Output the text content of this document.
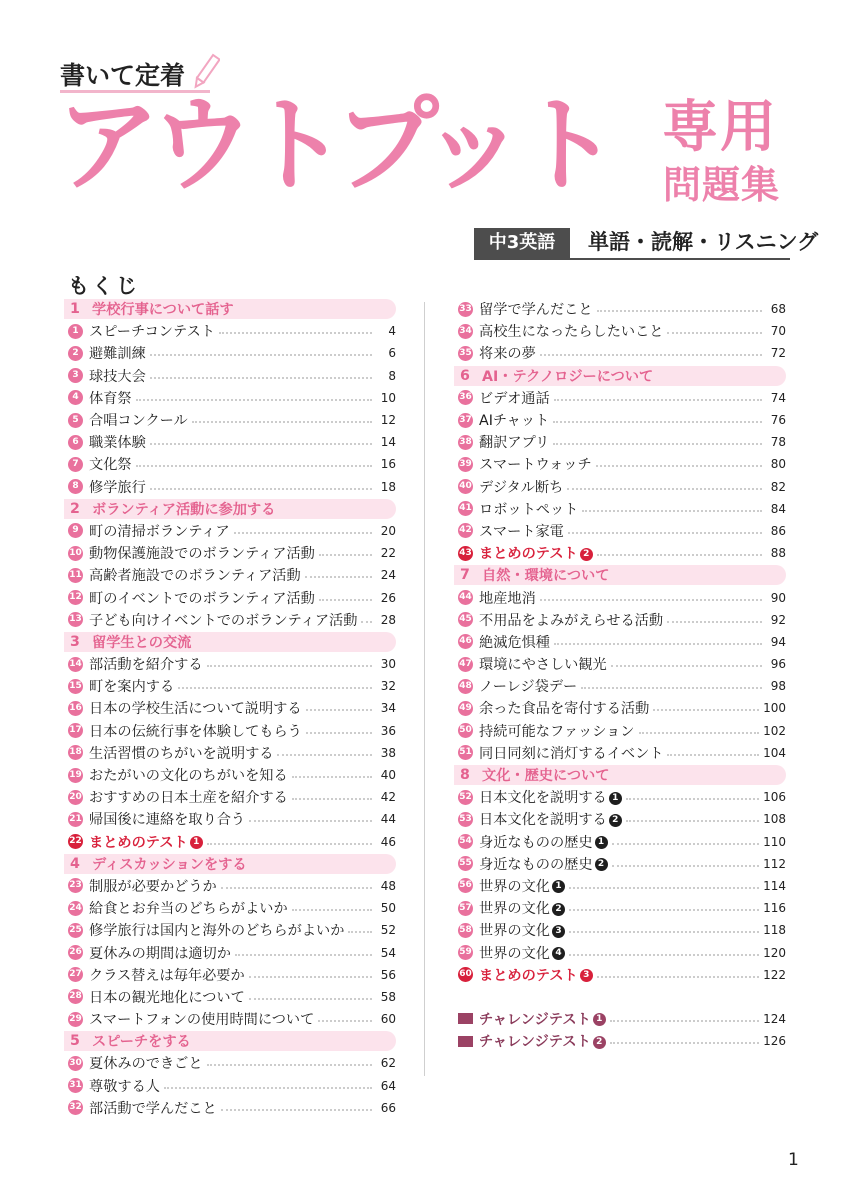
書いて定着
アウトプット 専用
問題集
中3英語	単語・読解・リスニング
もくじ
1 学校行事について話す
1 スピーチコンテスト	4
2 避難訓練	6
3 球技大会	8
4 体育祭	10
5 合唱コンクール	12
6 職業体験	14
7 文化祭	16
8 修学旅行	18
2 ボランティア活動に参加する
9 町の清掃ボランティア	20
10 動物保護施設でのボランティア活動	22
11 高齢者施設でのボランティア活動	24
12 町のイベントでのボランティア活動	26
13 子ども向けイベントでのボランティア活動	28
3 留学生との交流
14 部活動を紹介する	30
15 町を案内する	32
16 日本の学校生活について説明する	34
17 日本の伝統行事を体験してもらう	36
18 生活習慣のちがいを説明する	38
19 おたがいの文化のちがいを知る	40
20 おすすめの日本土産を紹介する	42
21 帰国後に連絡を取り合う	44
22 まとめのテスト 1	46
4 ディスカッションをする
23 制服が必要かどうか	48
24 給食とお弁当のどちらがよいか	50
25 修学旅行は国内と海外のどちらがよいか	52
26 夏休みの期間は適切か	54
27 クラス替えは毎年必要か	56
28 日本の観光地化について	58
29 スマートフォンの使用時間について	60
5 スピーチをする
30 夏休みのできごと	62
31 尊敬する人	64
32 部活動で学んだこと	66
33 留学で学んだこと	68
34 高校生になったらしたいこと	70
35 将来の夢	72
6 AI・テクノロジーについて
36 ビデオ通話	74
37 AIチャット	76
38 翻訳アプリ	78
39 スマートウォッチ	80
40 デジタル断ち	82
41 ロボットペット	84
42 スマート家電	86
43 まとめのテスト 2	88
7 自然・環境について
44 地産地消	90
45 不用品をよみがえらせる活動	92
46 絶滅危惧種	94
47 環境にやさしい観光	96
48 ノーレジ袋デー	98
49 余った食品を寄付する活動	100
50 持続可能なファッション	102
51 同日同刻に消灯するイベント	104
8 文化・歴史について
52 日本文化を説明する 1	106
53 日本文化を説明する 2	108
54 身近なものの歴史 1	110
55 身近なものの歴史 2	112
56 世界の文化 1	114
57 世界の文化 2	116
58 世界の文化 3	118
59 世界の文化 4	120
60 まとめのテスト 3	122
チャレンジテスト 1	124
チャレンジテスト 2	126
1
